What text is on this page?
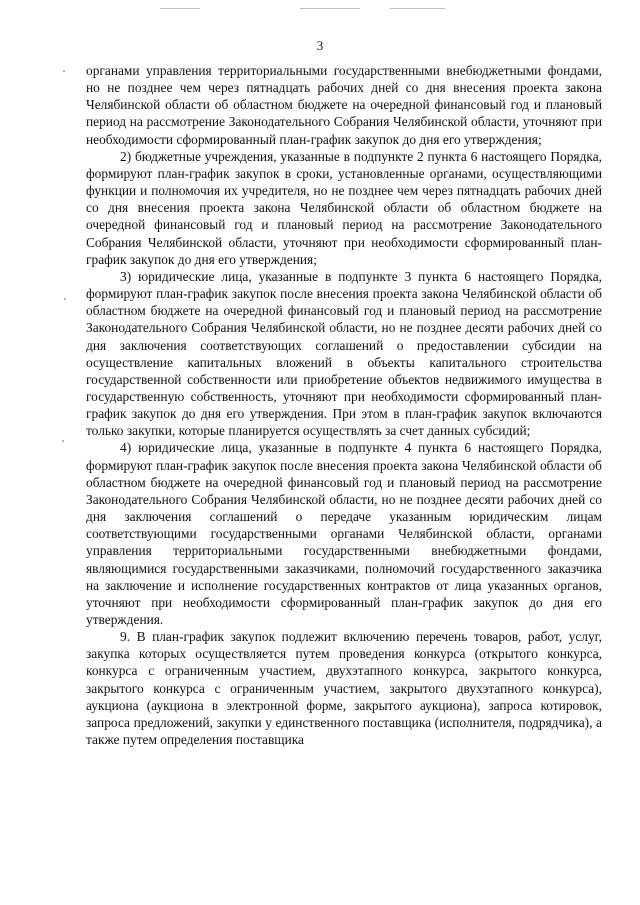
3

органами управления территориальными государственными внебюджетными фондами, но не позднее чем через пятнадцать рабочих дней со дня внесения проекта закона Челябинской области об областном бюджете на очередной финансовый год и плановый период на рассмотрение Законодательного Собрания Челябинской области, уточняют при необходимости сформированный план-график закупок до дня его утверждения;

2) бюджетные учреждения, указанные в подпункте 2 пункта 6 настоящего Порядка, формируют план-график закупок в сроки, установленные органами, осуществляющими функции и полномочия их учредителя, но не позднее чем через пятнадцать рабочих дней со дня внесения проекта закона Челябинской области об областном бюджете на очередной финансовый год и плановый период на рассмотрение Законодательного Собрания Челябинской области, уточняют при необходимости сформированный план-график закупок до дня его утверждения;

3) юридические лица, указанные в подпункте 3 пункта 6 настоящего Порядка, формируют план-график закупок после внесения проекта закона Челябинской области об областном бюджете на очередной финансовый год и плановый период на рассмотрение Законодательного Собрания Челябинской области, но не позднее десяти рабочих дней со дня заключения соответствующих соглашений о предоставлении субсидии на осуществление капитальных вложений в объекты капитального строительства государственной собственности или приобретение объектов недвижимого имущества в государственную собственность, уточняют при необходимости сформированный план-график закупок до дня его утверждения. При этом в план-график закупок включаются только закупки, которые планируется осуществлять за счет данных субсидий;

4) юридические лица, указанные в подпункте 4 пункта 6 настоящего Порядка, формируют план-график закупок после внесения проекта закона Челябинской области об областном бюджете на очередной финансовый год и плановый период на рассмотрение Законодательного Собрания Челябинской области, но не позднее десяти рабочих дней со дня заключения соглашений о передаче указанным юридическим лицам соответствующими государственными органами Челябинской области, органами управления территориальными государственными внебюджетными фондами, являющимися государственными заказчиками, полномочий государственного заказчика на заключение и исполнение государственных контрактов от лица указанных органов, уточняют при необходимости сформированный план-график закупок до дня его утверждения.

9. В план-график закупок подлежит включению перечень товаров, работ, услуг, закупка которых осуществляется путем проведения конкурса (открытого конкурса, конкурса с ограниченным участием, двухэтапного конкурса, закрытого конкурса, закрытого конкурса с ограниченным участием, закрытого двухэтапного конкурса), аукциона (аукциона в электронной форме, закрытого аукциона), запроса котировок, запроса предложений, закупки у единственного поставщика (исполнителя, подрядчика), а также путем определения поставщика
